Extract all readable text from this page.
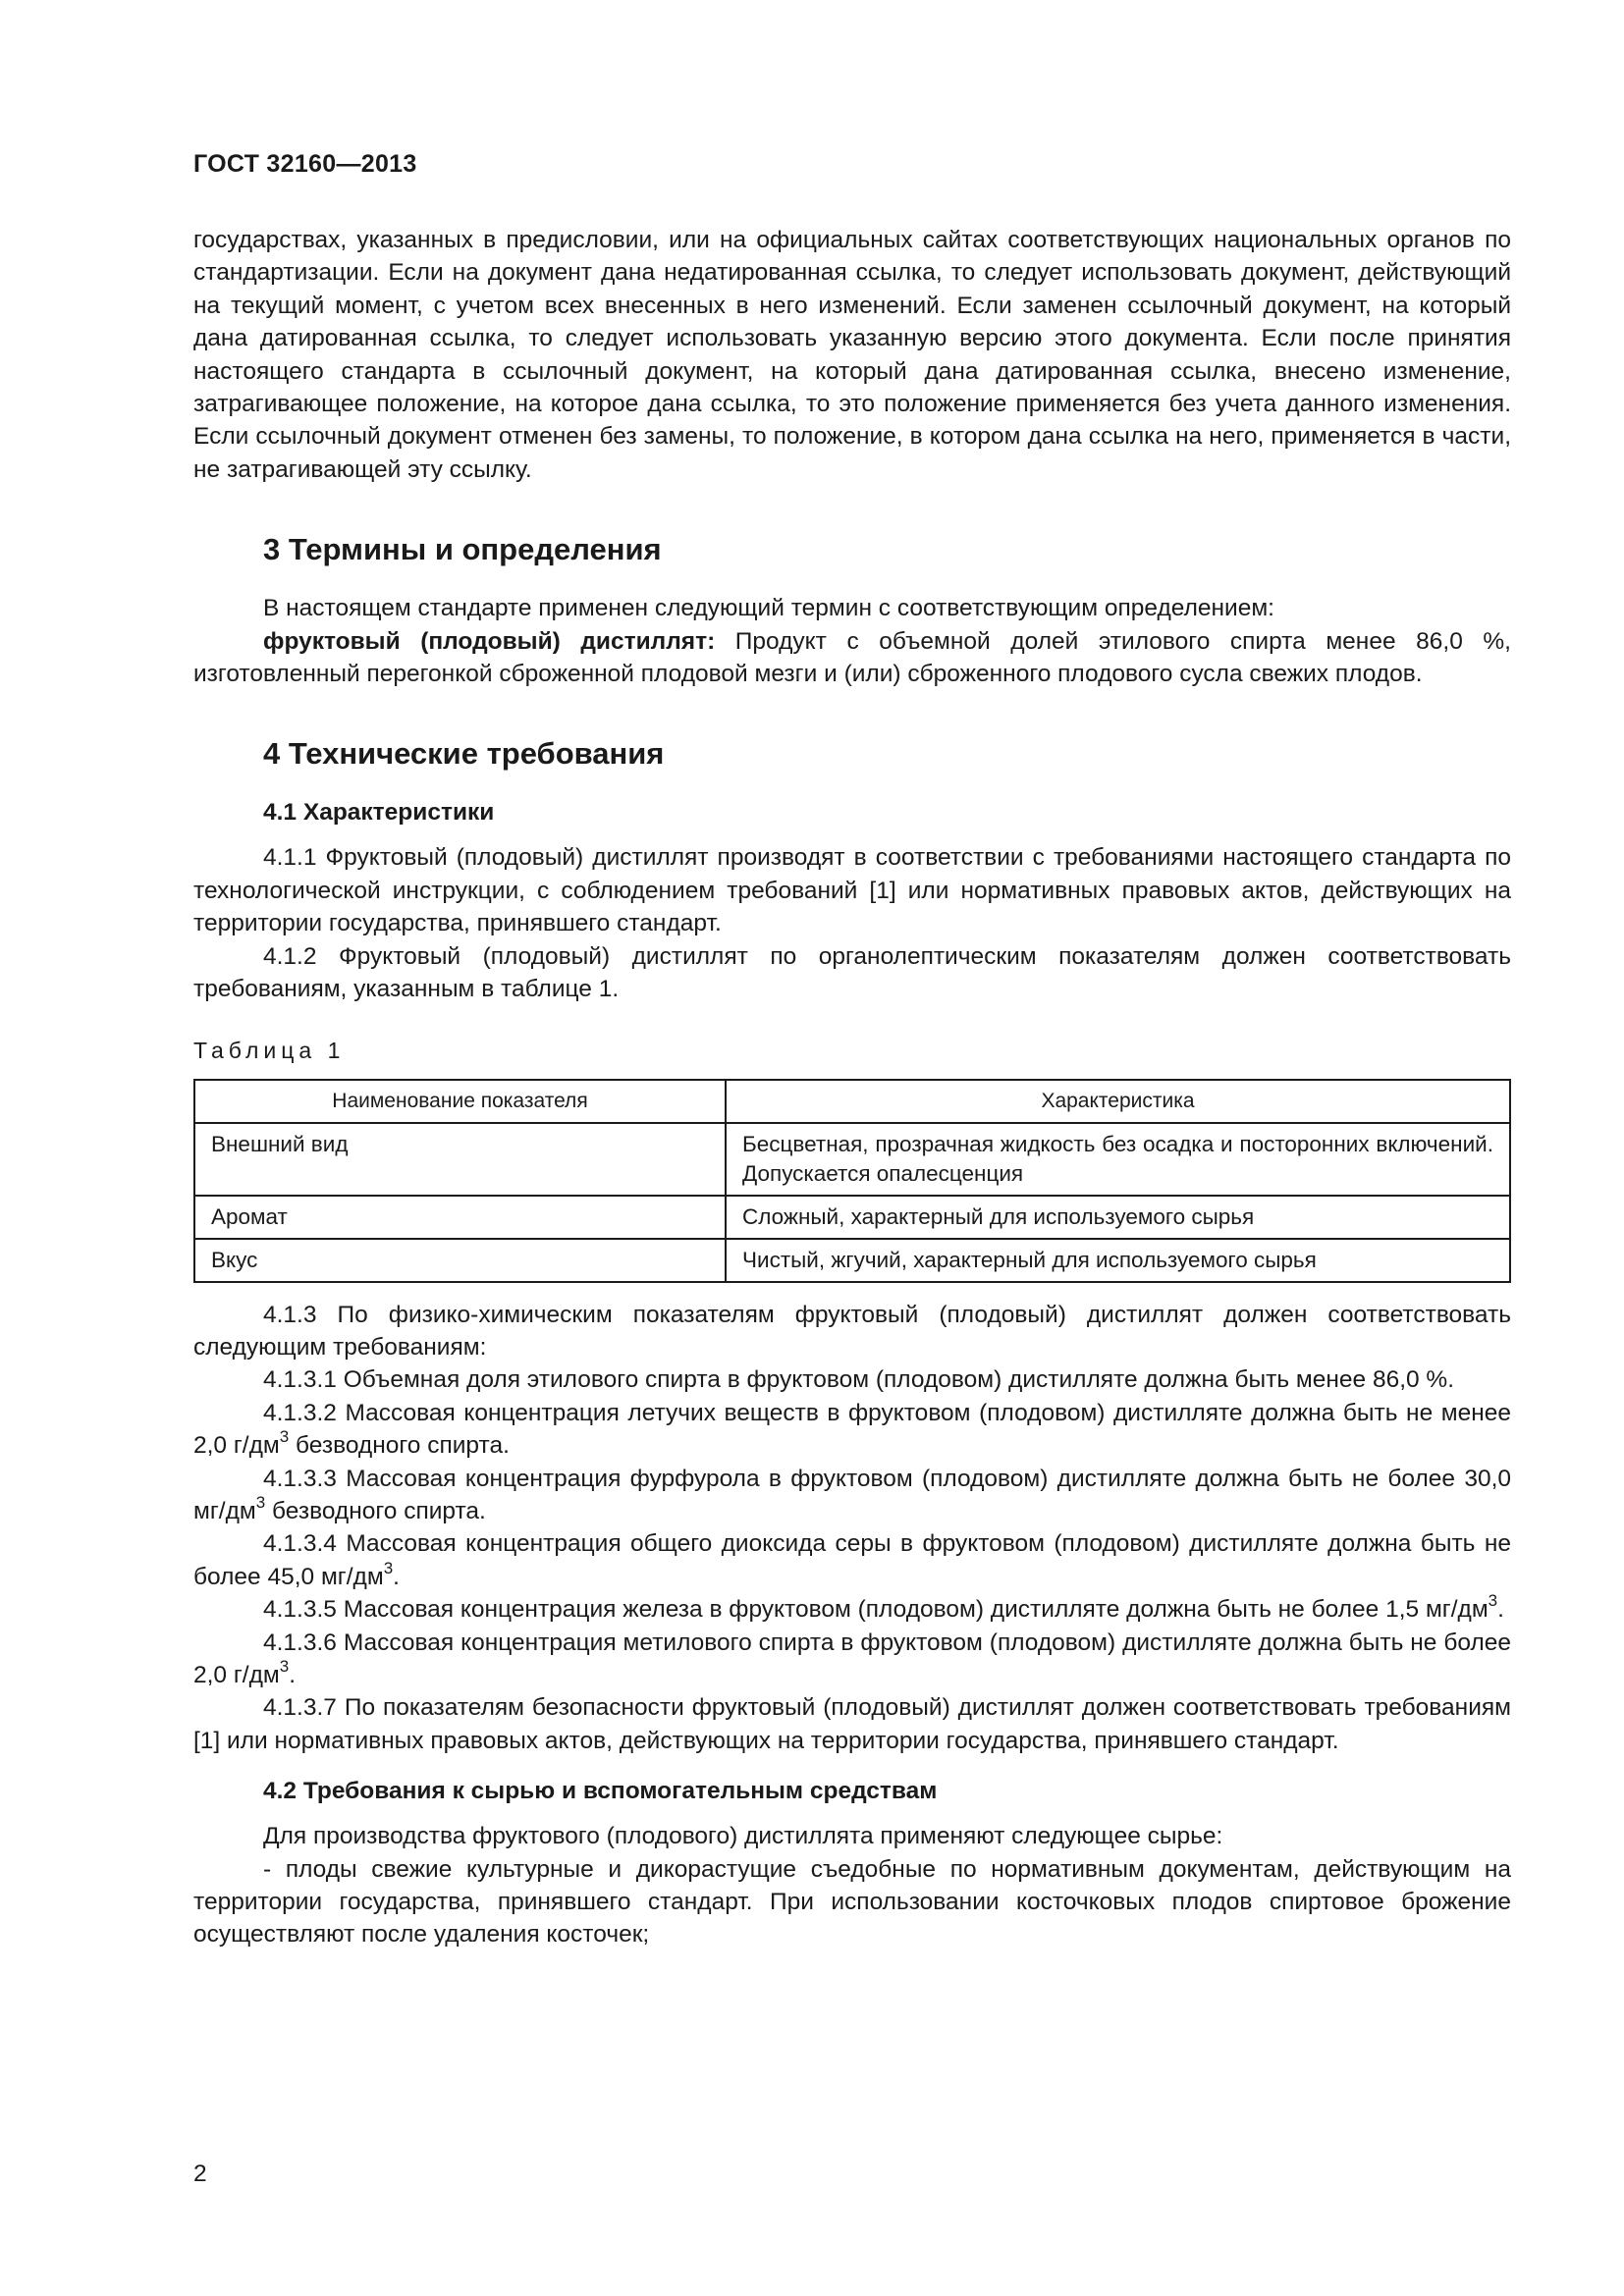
ГОСТ 32160—2013

государствах, указанных в предисловии, или на официальных сайтах соответствующих национальных органов по стандартизации. Если на документ дана недатированная ссылка, то следует использовать документ, действующий на текущий момент, с учетом всех внесенных в него изменений. Если заменен ссылочный документ, на который дана датированная ссылка, то следует использовать указанную версию этого документа. Если после принятия настоящего стандарта в ссылочный документ, на который дана датированная ссылка, внесено изменение, затрагивающее положение, на которое дана ссылка, то это положение применяется без учета данного изменения. Если ссылочный документ отменен без замены, то положение, в котором дана ссылка на него, применяется в части, не затрагивающей эту ссылку.

3 Термины и определения

В настоящем стандарте применен следующий термин с соответствующим определением:

фруктовый (плодовый) дистиллят: Продукт с объемной долей этилового спирта менее 86,0 %, изготовленный перегонкой сброженной плодовой мезги и (или) сброженного плодового сусла свежих плодов.

4 Технические требования
4.1 Характеристики

4.1.1 Фруктовый (плодовый) дистиллят производят в соответствии с требованиями настоящего стандарта по технологической инструкции, с соблюдением требований [1] или нормативных правовых актов, действующих на территории государства, принявшего стандарт.

4.1.2 Фруктовый (плодовый) дистиллят по органолептическим показателям должен соответствовать требованиям, указанным в таблице 1.

Таблица 1

Наименование показателя	Характеристика
Внешний вид	Бесцветная, прозрачная жидкость без осадка и посторонних включений. Допускается опалесценция
Аромат	Сложный, характерный для используемого сырья
Вкус	Чистый, жгучий, характерный для используемого сырья

4.1.3 По физико-химическим показателям фруктовый (плодовый) дистиллят должен соответствовать следующим требованиям:

4.1.3.1 Объемная доля этилового спирта в фруктовом (плодовом) дистилляте должна быть менее 86,0 %.

4.1.3.2 Массовая концентрация летучих веществ в фруктовом (плодовом) дистилляте должна быть не менее 2,0 $г/дм^3$ безводного спирта.

4.1.3.3 Массовая концентрация фурфурола в фруктовом (плодовом) дистилляте должна быть не более 30,0 $мг/дм^3$ безводного спирта.

4.1.3.4 Массовая концентрация общего диоксида серы в фруктовом (плодовом) дистилляте должна быть не более 45,0 $мг/дм^3$.

4.1.3.5 Массовая концентрация железа в фруктовом (плодовом) дистилляте должна быть не более 1,5 $мг/дм^3$.

4.1.3.6 Массовая концентрация метилового спирта в фруктовом (плодовом) дистилляте должна быть не более 2,0 $г/дм^3$.

4.1.3.7 По показателям безопасности фруктовый (плодовый) дистиллят должен соответствовать требованиям [1] или нормативных правовых актов, действующих на территории государства, принявшего стандарт.

4.2 Требования к сырью и вспомогательным средствам

Для производства фруктового (плодового) дистиллята применяют следующее сырье:

- плоды свежие культурные и дикорастущие съедобные по нормативным документам, действующим на территории государства, принявшего стандарт. При использовании косточковых плодов спиртовое брожение осуществляют после удаления косточек;

2
